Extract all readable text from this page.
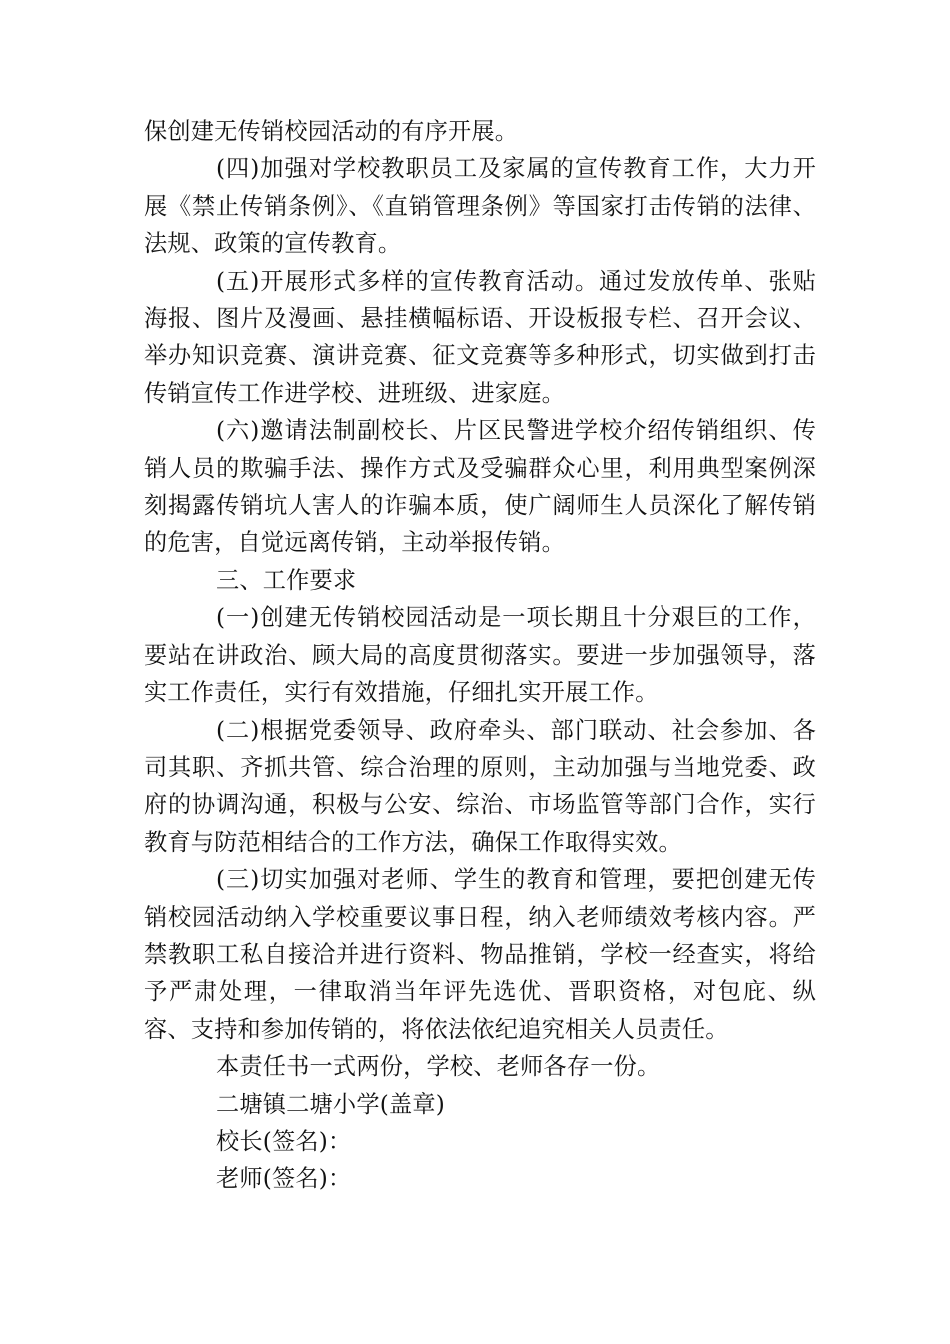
保创建无传销校园活动的有序开展。

(四)加强对学校教职员工及家属的宣传教育工作，大力开展《禁止传销条例》、《直销管理条例》等国家打击传销的法律、法规、政策的宣传教育。

(五)开展形式多样的宣传教育活动。通过发放传单、张贴海报、图片及漫画、悬挂横幅标语、开设板报专栏、召开会议、举办知识竞赛、演讲竞赛、征文竞赛等多种形式，切实做到打击传销宣传工作进学校、进班级、进家庭。

(六)邀请法制副校长、片区民警进学校介绍传销组织、传销人员的欺骗手法、操作方式及受骗群众心里，利用典型案例深刻揭露传销坑人害人的诈骗本质，使广阔师生人员深化了解传销的危害，自觉远离传销，主动举报传销。

三、工作要求

(一)创建无传销校园活动是一项长期且十分艰巨的工作，要站在讲政治、顾大局的高度贯彻落实。要进一步加强领导，落实工作责任，实行有效措施，仔细扎实开展工作。

(二)根据党委领导、政府牵头、部门联动、社会参加、各司其职、齐抓共管、综合治理的原则，主动加强与当地党委、政府的协调沟通，积极与公安、综治、市场监管等部门合作，实行教育与防范相结合的工作方法，确保工作取得实效。

(三)切实加强对老师、学生的教育和管理，要把创建无传销校园活动纳入学校重要议事日程，纳入老师绩效考核内容。严禁教职工私自接洽并进行资料、物品推销，学校一经查实，将给予严肃处理，一律取消当年评先选优、晋职资格，对包庇、纵容、支持和参加传销的，将依法依纪追究相关人员责任。

本责任书一式两份，学校、老师各存一份。

二塘镇二塘小学(盖章)

校长(签名)：

老师(签名)：
